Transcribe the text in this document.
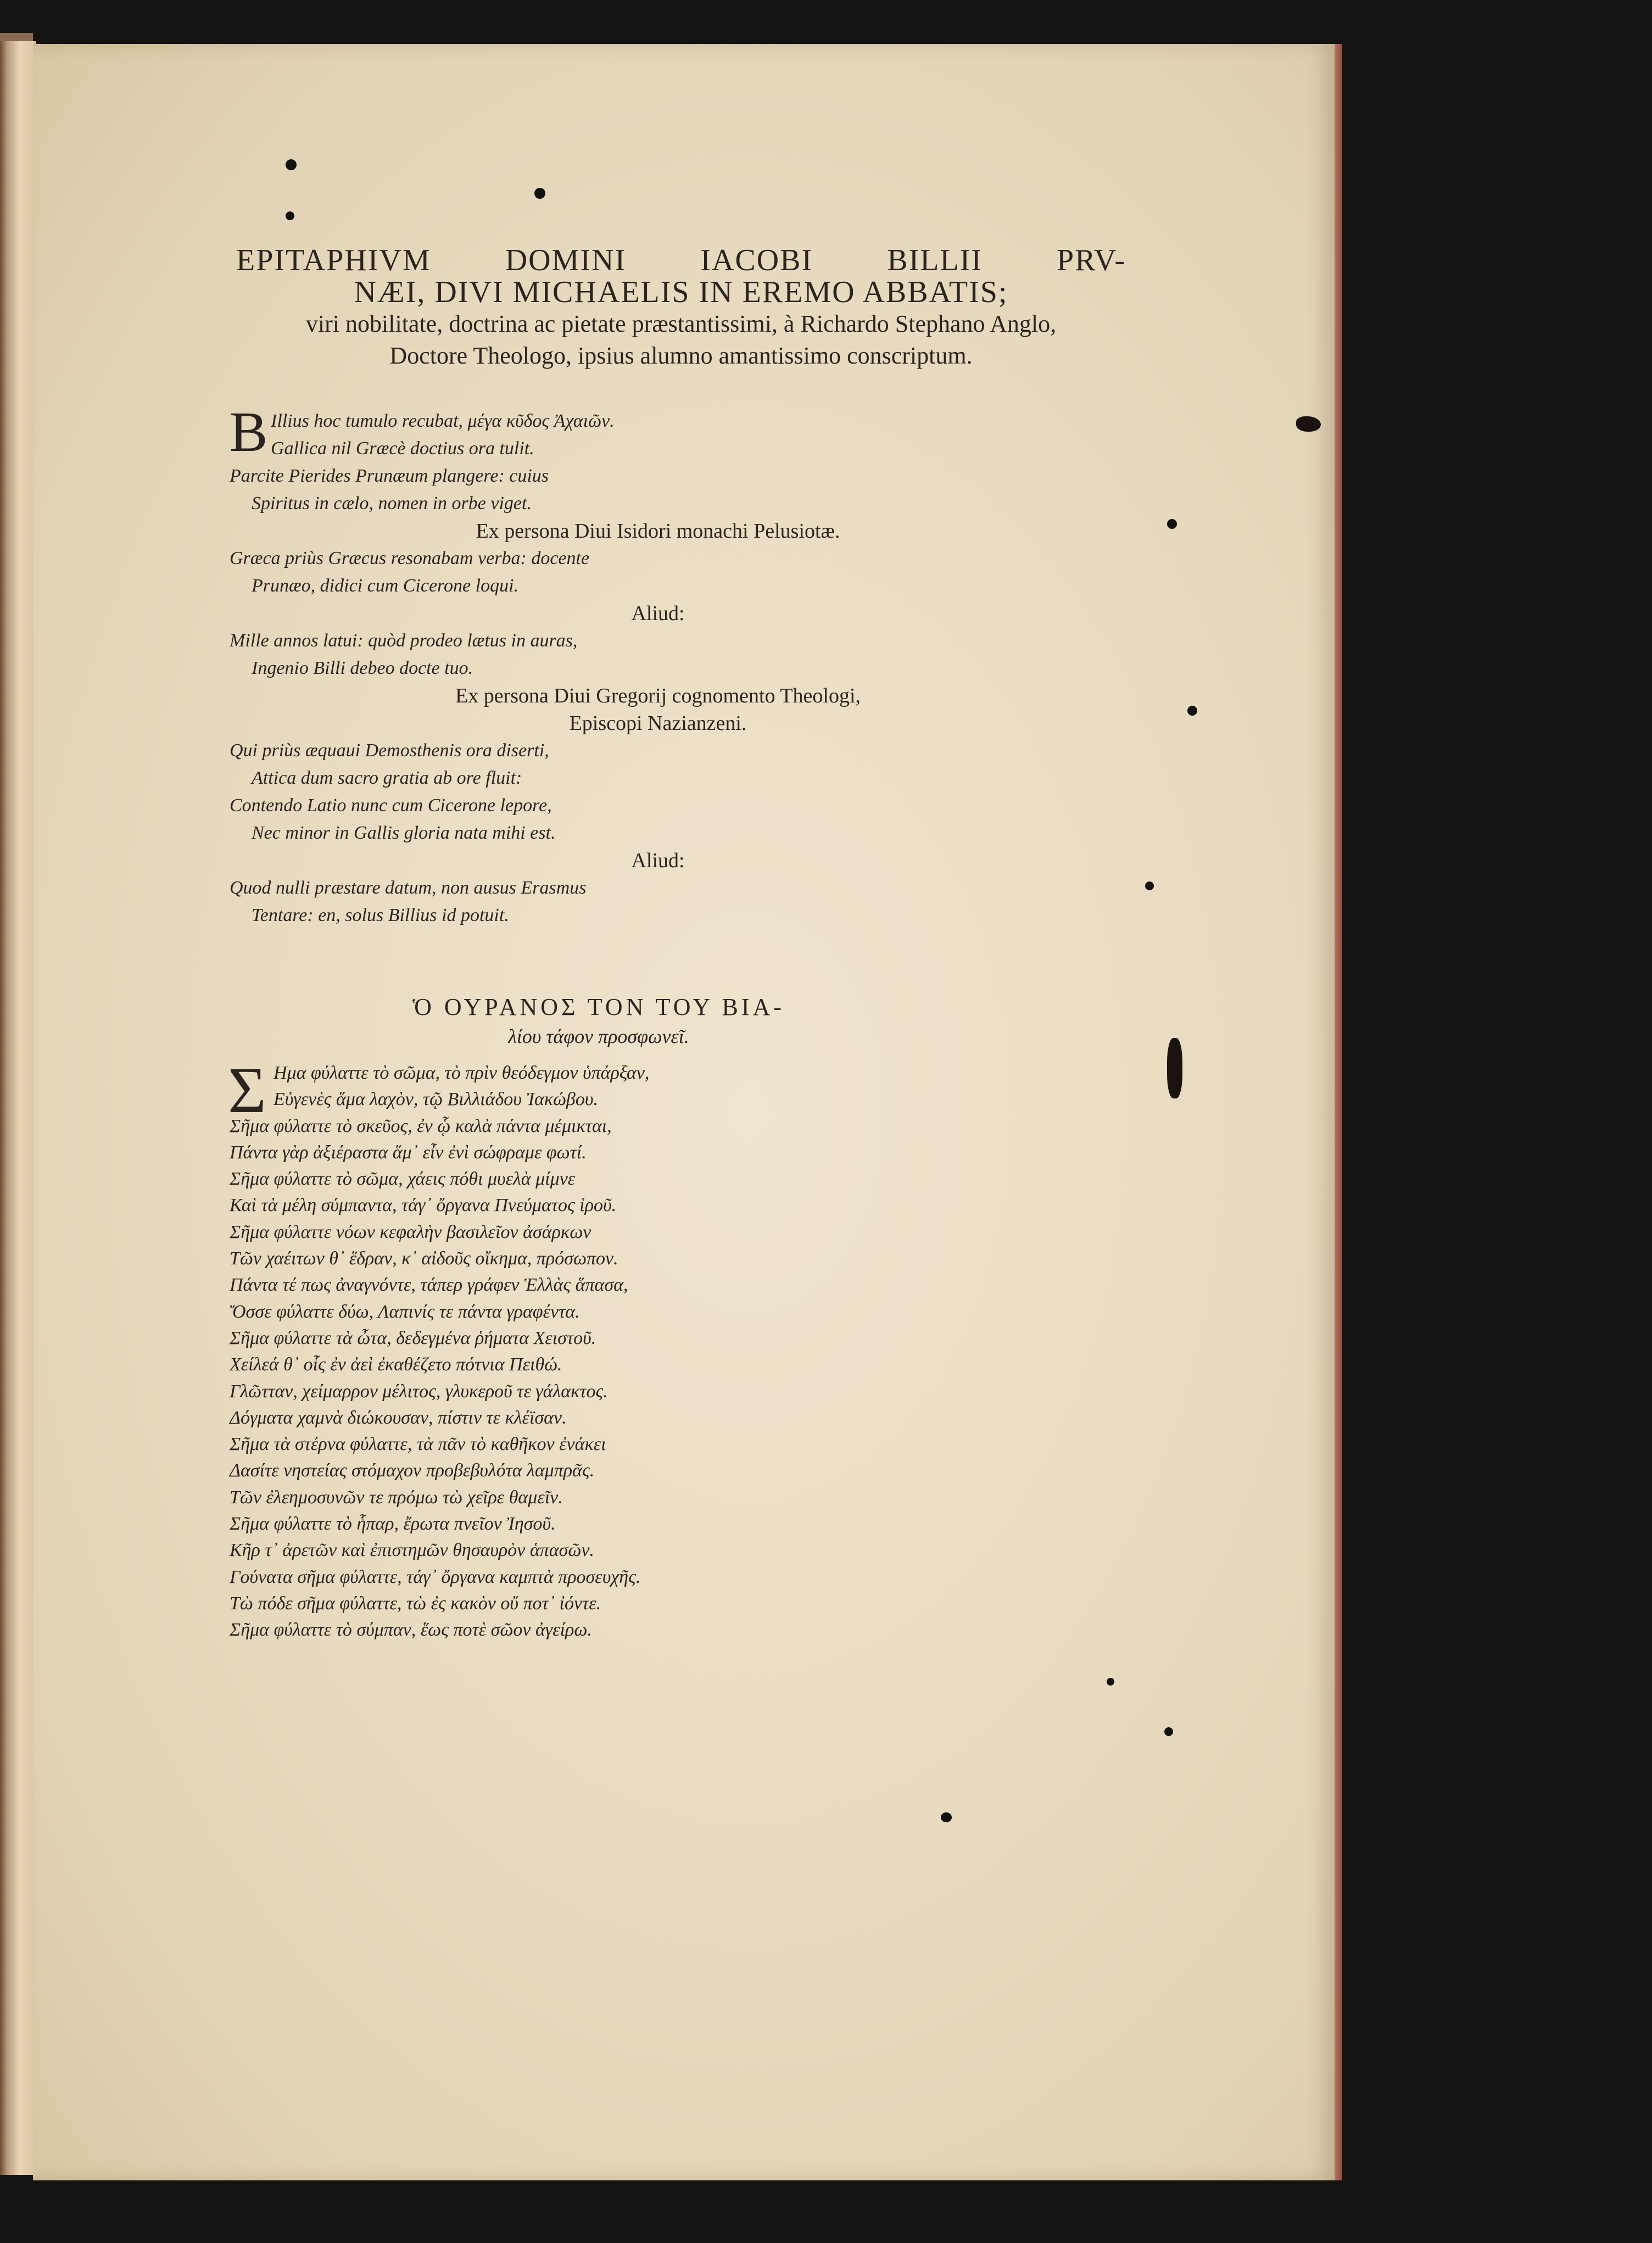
EPITAPHIVM DOMINI IACOBI BILLII PRV-
NÆI, DIVI MICHAELIS IN EREMO ABBATIS;
viri nobilitate, doctrina ac pietate præstantissimi, à Richardo Stephano Anglo,
Doctore Theologo, ipsius alumno amantissimo conscriptum.
B Illius hoc tumulo recubat, μέγα κῦδος Ἀχαιῶν.
Gallica nil Græcè doctius ora tulit.
Parcite Pierides Prunæum plangere: cuius
Spiritus in cælo, nomen in orbe viget.
Ex persona Diui Isidori monachi Pelusiotæ.
Græca priùs Græcus resonabam verba: docente
Prunæo, didici cum Cicerone loqui.
Aliud:
Mille annos latui: quòd prodeo lætus in auras,
Ingenio Billi debeo docte tuo.
Ex persona Diui Gregorij cognomento Theologi,
Episcopi Nazianzeni.
Qui priùs æquaui Demosthenis ora diserti,
Attica dum sacro gratia ab ore fluit:
Contendo Latio nunc cum Cicerone lepore,
Nec minor in Gallis gloria nata mihi est.
Aliud:
Quod nulli præstare datum, non ausus Erasmus
Tentare: en, solus Billius id potuit.
Ὁ ΟΥΡΑΝΟΣ ΤΟΝ ΤΟΥ ΒΙΑ-
λίου τάφον προσφωνεῖ.
Σ Ημα φύλαττε τὸ σῶμα, τὸ πρὶν θεόδεγμον ὑπάρξαν,
Εὐγενὲς ἅμα λαχὸν, τῷ Βιλλιάδου Ἰακώβου.
Σῆμα φύλαττε τὸ σκεῦος, ἐν ᾧ καλὰ πάντα μέμικται,
Πάντα γὰρ ἀξιέραστα ἅμ᾽ εἶν ἐνὶ σώφραμε φωτί.
Σῆμα φύλαττε τὸ σῶμα, χάεις πόθι μυελὰ μίμνε
Καὶ τὰ μέλη σύμπαντα, τάγ᾽ ὄργανα Πνεύματος ἱροῦ.
Σῆμα φύλαττε νόων κεφαλὴν βασιλεῖον ἀσάρκων
Τῶν χαέιτων θ᾽ ἕδραν, κ᾽ αἰδοῦς οἴκημα, πρόσωπον.
Πάντα τέ πως ἀναγνόντε, τάπερ γράφεν Ἑλλὰς ἅπασα,
Ὄσσε φύλαττε δύω, Λαπινίς τε πάντα γραφέντα.
Σῆμα φύλαττε τὰ ὦτα, δεδεγμένα ῥήματα Χειστοῦ.
Χείλεά θ᾽ οἷς ἐν ἀεὶ ἐκαθέζετο πότνια Πειθώ.
Γλῶτταν, χείμαρρον μέλιτος, γλυκεροῦ τε γάλακτος.
Δόγματα χαμνὰ διώκουσαν, πίστιν τε κλέϊσαν.
Σῆμα τὰ στέρνα φύλαττε, τὰ πᾶν τὸ καθῆκον ἐνάκει
Δασίτε νηστείας στόμαχον προβεβυλότα λαμπρᾶς.
Τῶν ἐλεημοσυνῶν τε πρόμω τὼ χεῖρε θαμεῖν.
Σῆμα φύλαττε τὸ ἧπαρ, ἔρωτα πνεῖον Ἰησοῦ.
Κῆρ τ᾽ ἀρετῶν καὶ ἐπιστημῶν θησαυρὸν ἁπασῶν.
Γούνατα σῆμα φύλαττε, τάγ᾽ ὄργανα καμπτὰ προσευχῆς.
Τὼ πόδε σῆμα φύλαττε, τὼ ἐς κακὸν οὔ ποτ᾽ ἰόντε.
Σῆμα φύλαττε τὸ σύμπαν, ἕως ποτὲ σῶον ἀγείρω.
